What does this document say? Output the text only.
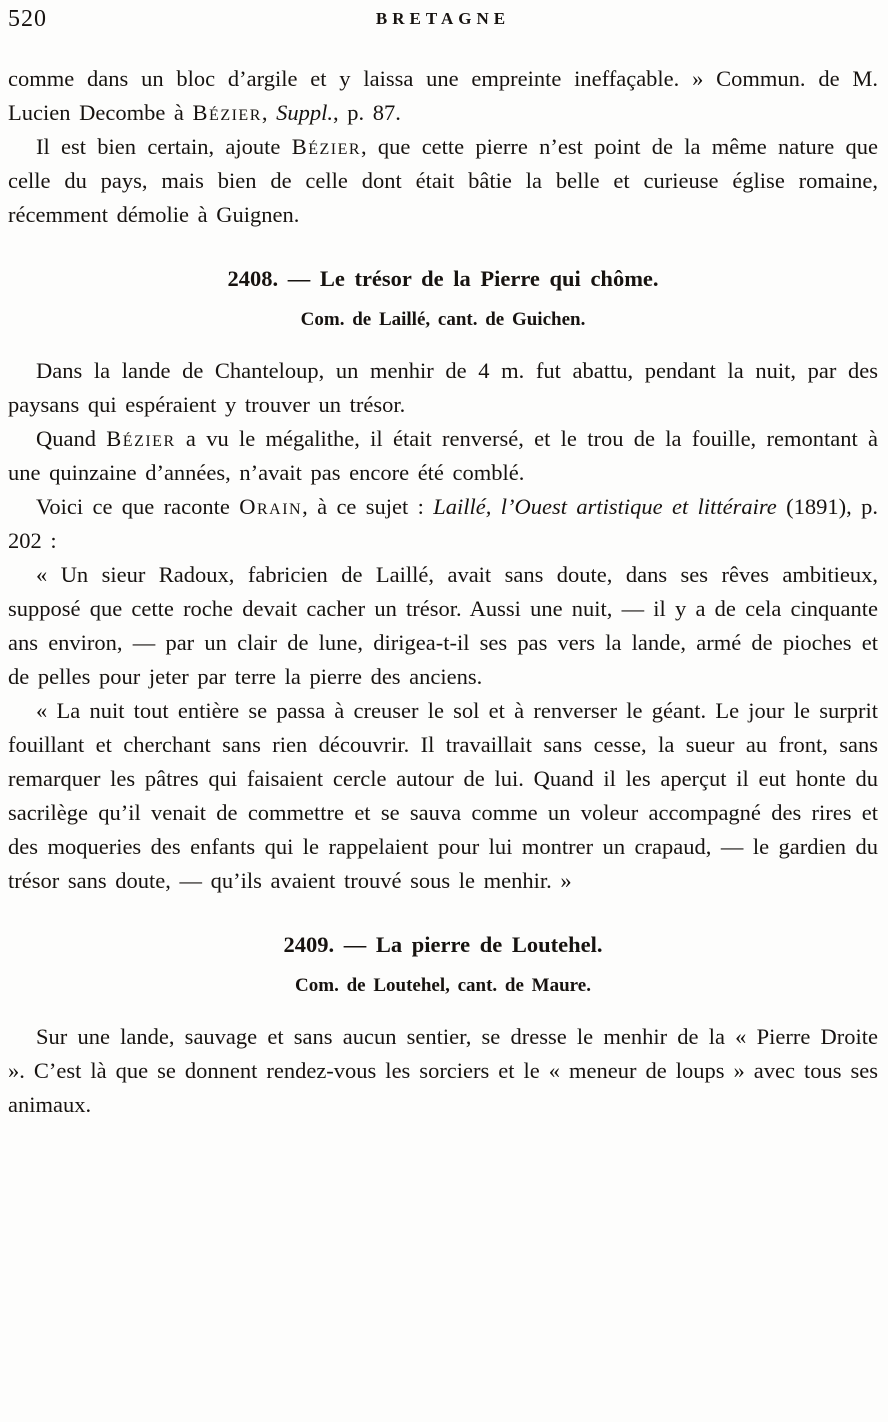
520	BRETAGNE

comme dans un bloc d’argile et y laissa une empreinte ineffaçable. » Commun. de M. Lucien Decombe à Bézier, Suppl., p. 87.

Il est bien certain, ajoute Bézier, que cette pierre n’est point de la même nature que celle du pays, mais bien de celle dont était bâtie la belle et curieuse église romaine, récemment démolie à Guignen.

2408. — Le trésor de la Pierre qui chôme.
Com. de Laillé, cant. de Guichen.

Dans la lande de Chanteloup, un menhir de 4 m. fut abattu, pendant la nuit, par des paysans qui espéraient y trouver un trésor.

Quand Bézier a vu le mégalithe, il était renversé, et le trou de la fouille, remontant à une quinzaine d’années, n’avait pas encore été comblé.

Voici ce que raconte Orain, à ce sujet : Laillé, l’Ouest artistique et littéraire (1891), p. 202 :

« Un sieur Radoux, fabricien de Laillé, avait sans doute, dans ses rêves ambitieux, supposé que cette roche devait cacher un trésor. Aussi une nuit, — il y a de cela cinquante ans environ, — par un clair de lune, dirigea-t-il ses pas vers la lande, armé de pioches et de pelles pour jeter par terre la pierre des anciens.

« La nuit tout entière se passa à creuser le sol et à renverser le géant. Le jour le surprit fouillant et cherchant sans rien découvrir. Il travaillait sans cesse, la sueur au front, sans remarquer les pâtres qui faisaient cercle autour de lui. Quand il les aperçut il eut honte du sacrilège qu’il venait de commettre et se sauva comme un voleur accompagné des rires et des moqueries des enfants qui le rappelaient pour lui montrer un crapaud, — le gardien du trésor sans doute, — qu’ils avaient trouvé sous le menhir. »

2409. — La pierre de Loutehel.
Com. de Loutehel, cant. de Maure.

Sur une lande, sauvage et sans aucun sentier, se dresse le menhir de la « Pierre Droite ». C’est là que se donnent rendez-vous les sorciers et le « meneur de loups » avec tous ses animaux.
